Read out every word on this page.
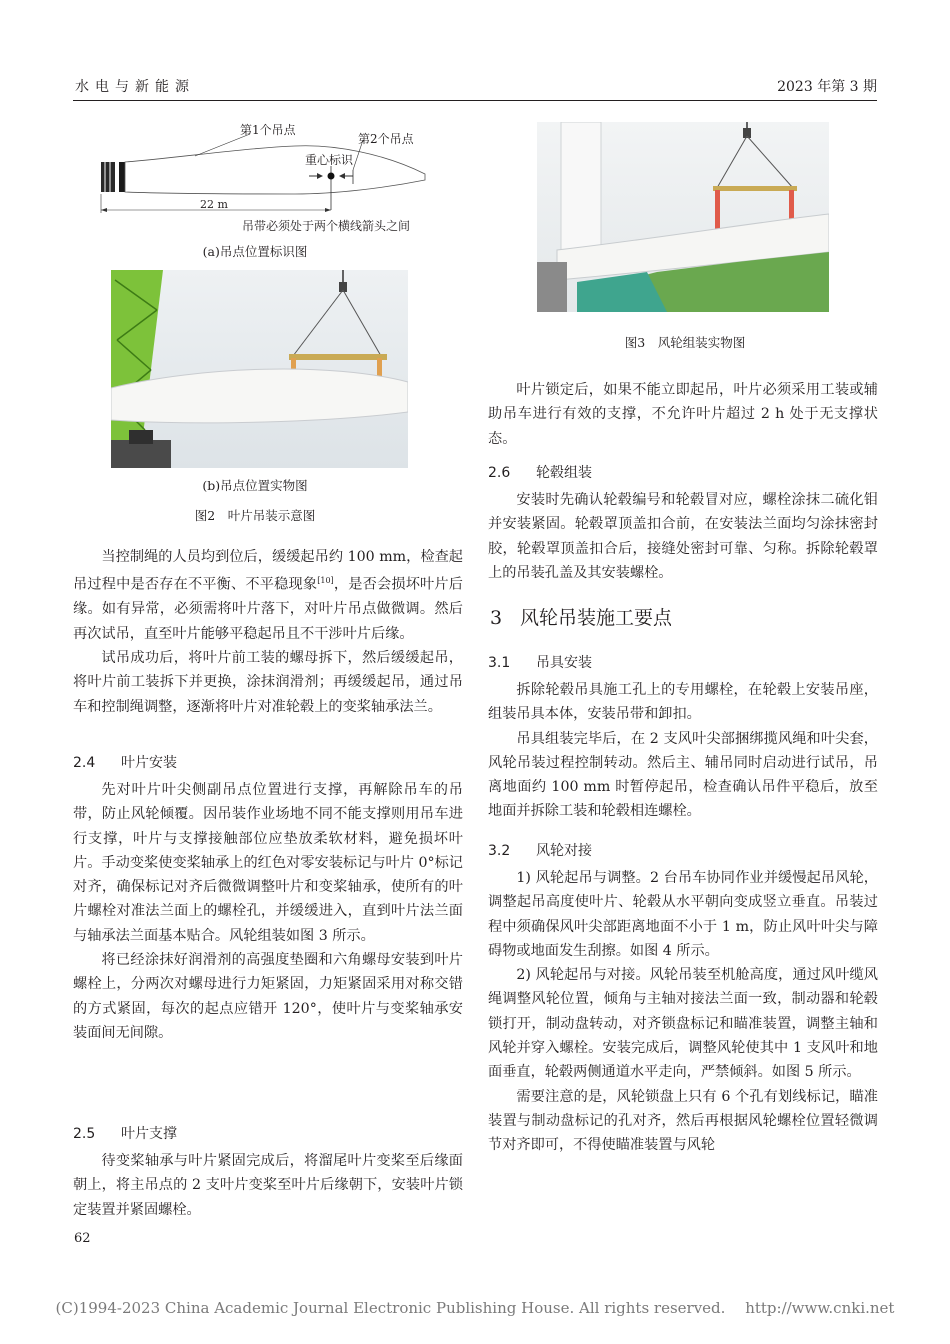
水电与新能源	2023 年第 3 期
第1个吊点
第2个吊点
重心标识
22 m
吊带必须处于两个横线箭头之间
(a)吊点位置标识图
(b)吊点位置实物图
图2　叶片吊装示意图
图3　风轮组装实物图

当控制绳的人员均到位后，缓缓起吊约 100 mm，检查起吊过程中是否存在不平衡、不平稳现象[10]，是否会损坏叶片后缘。如有异常，必须需将叶片落下，对叶片吊点做微调。然后再次试吊，直至叶片能够平稳起吊且不干涉叶片后缘。

试吊成功后，将叶片前工装的螺母拆下，然后缓缓起吊，将叶片前工装拆下并更换，涂抹润滑剂；再缓缓起吊，通过吊车和控制绳调整，逐渐将叶片对准轮毂上的变桨轴承法兰。

2.4 叶片安装

先对叶片叶尖侧副吊点位置进行支撑，再解除吊车的吊带，防止风轮倾覆。因吊装作业场地不同不能支撑则用吊车进行支撑，叶片与支撑接触部位应垫放柔软材料，避免损坏叶片。手动变桨使变桨轴承上的红色对零安装标记与叶片 0°标记对齐，确保标记对齐后微微调整叶片和变桨轴承，使所有的叶片螺栓对准法兰面上的螺栓孔，并缓缓进入，直到叶片法兰面与轴承法兰面基本贴合。风轮组装如图 3 所示。

将已经涂抹好润滑剂的高强度垫圈和六角螺母安装到叶片螺栓上，分两次对螺母进行力矩紧固，力矩紧固采用对称交错的方式紧固，每次的起点应错开 120°，使叶片与变桨轴承安装面间无间隙。

2.5 叶片支撑

待变桨轴承与叶片紧固完成后，将溜尾叶片变桨至后缘面朝上，将主吊点的 2 支叶片变桨至叶片后缘朝下，安装叶片锁定装置并紧固螺栓。

叶片锁定后，如果不能立即起吊，叶片必须采用工装或辅助吊车进行有效的支撑，不允许叶片超过 2 h 处于无支撑状态。

2.6 轮毂组装

安装时先确认轮毂编号和轮毂冒对应，螺栓涂抹二硫化钼并安装紧固。轮毂罩顶盖扣合前，在安装法兰面均匀涂抹密封胶，轮毂罩顶盖扣合后，接缝处密封可靠、匀称。拆除轮毂罩上的吊装孔盖及其安装螺栓。

3 风轮吊装施工要点
3.1 吊具安装

拆除轮毂吊具施工孔上的专用螺栓，在轮毂上安装吊座，组装吊具本体，安装吊带和卸扣。

吊具组装完毕后，在 2 支风叶尖部捆绑揽风绳和叶尖套，风轮吊装过程控制转动。然后主、辅吊同时启动进行试吊，吊离地面约 100 mm 时暂停起吊，检查确认吊件平稳后，放至地面并拆除工装和轮毂相连螺栓。

3.2 风轮对接

1) 风轮起吊与调整。2 台吊车协同作业并缓慢起吊风轮，调整起吊高度使叶片、轮毂从水平朝向变成竖立垂直。吊装过程中须确保风叶尖部距离地面不小于 1 m，防止风叶叶尖与障碍物或地面发生刮擦。如图 4 所示。

2) 风轮起吊与对接。风轮吊装至机舱高度，通过风叶缆风绳调整风轮位置，倾角与主轴对接法兰面一致，制动器和轮毂锁打开，制动盘转动，对齐锁盘标记和瞄准装置，调整主轴和风轮并穿入螺栓。安装完成后，调整风轮使其中 1 支风叶和地面垂直，轮毂两侧通道水平走向，严禁倾斜。如图 5 所示。

需要注意的是，风轮锁盘上只有 6 个孔有划线标记，瞄准装置与制动盘标记的孔对齐，然后再根据风轮螺栓位置轻微调节对齐即可，不得使瞄准装置与风轮

62
(C)1994-2023 China Academic Journal Electronic Publishing House. All rights reserved.　 http://www.cnki.net
